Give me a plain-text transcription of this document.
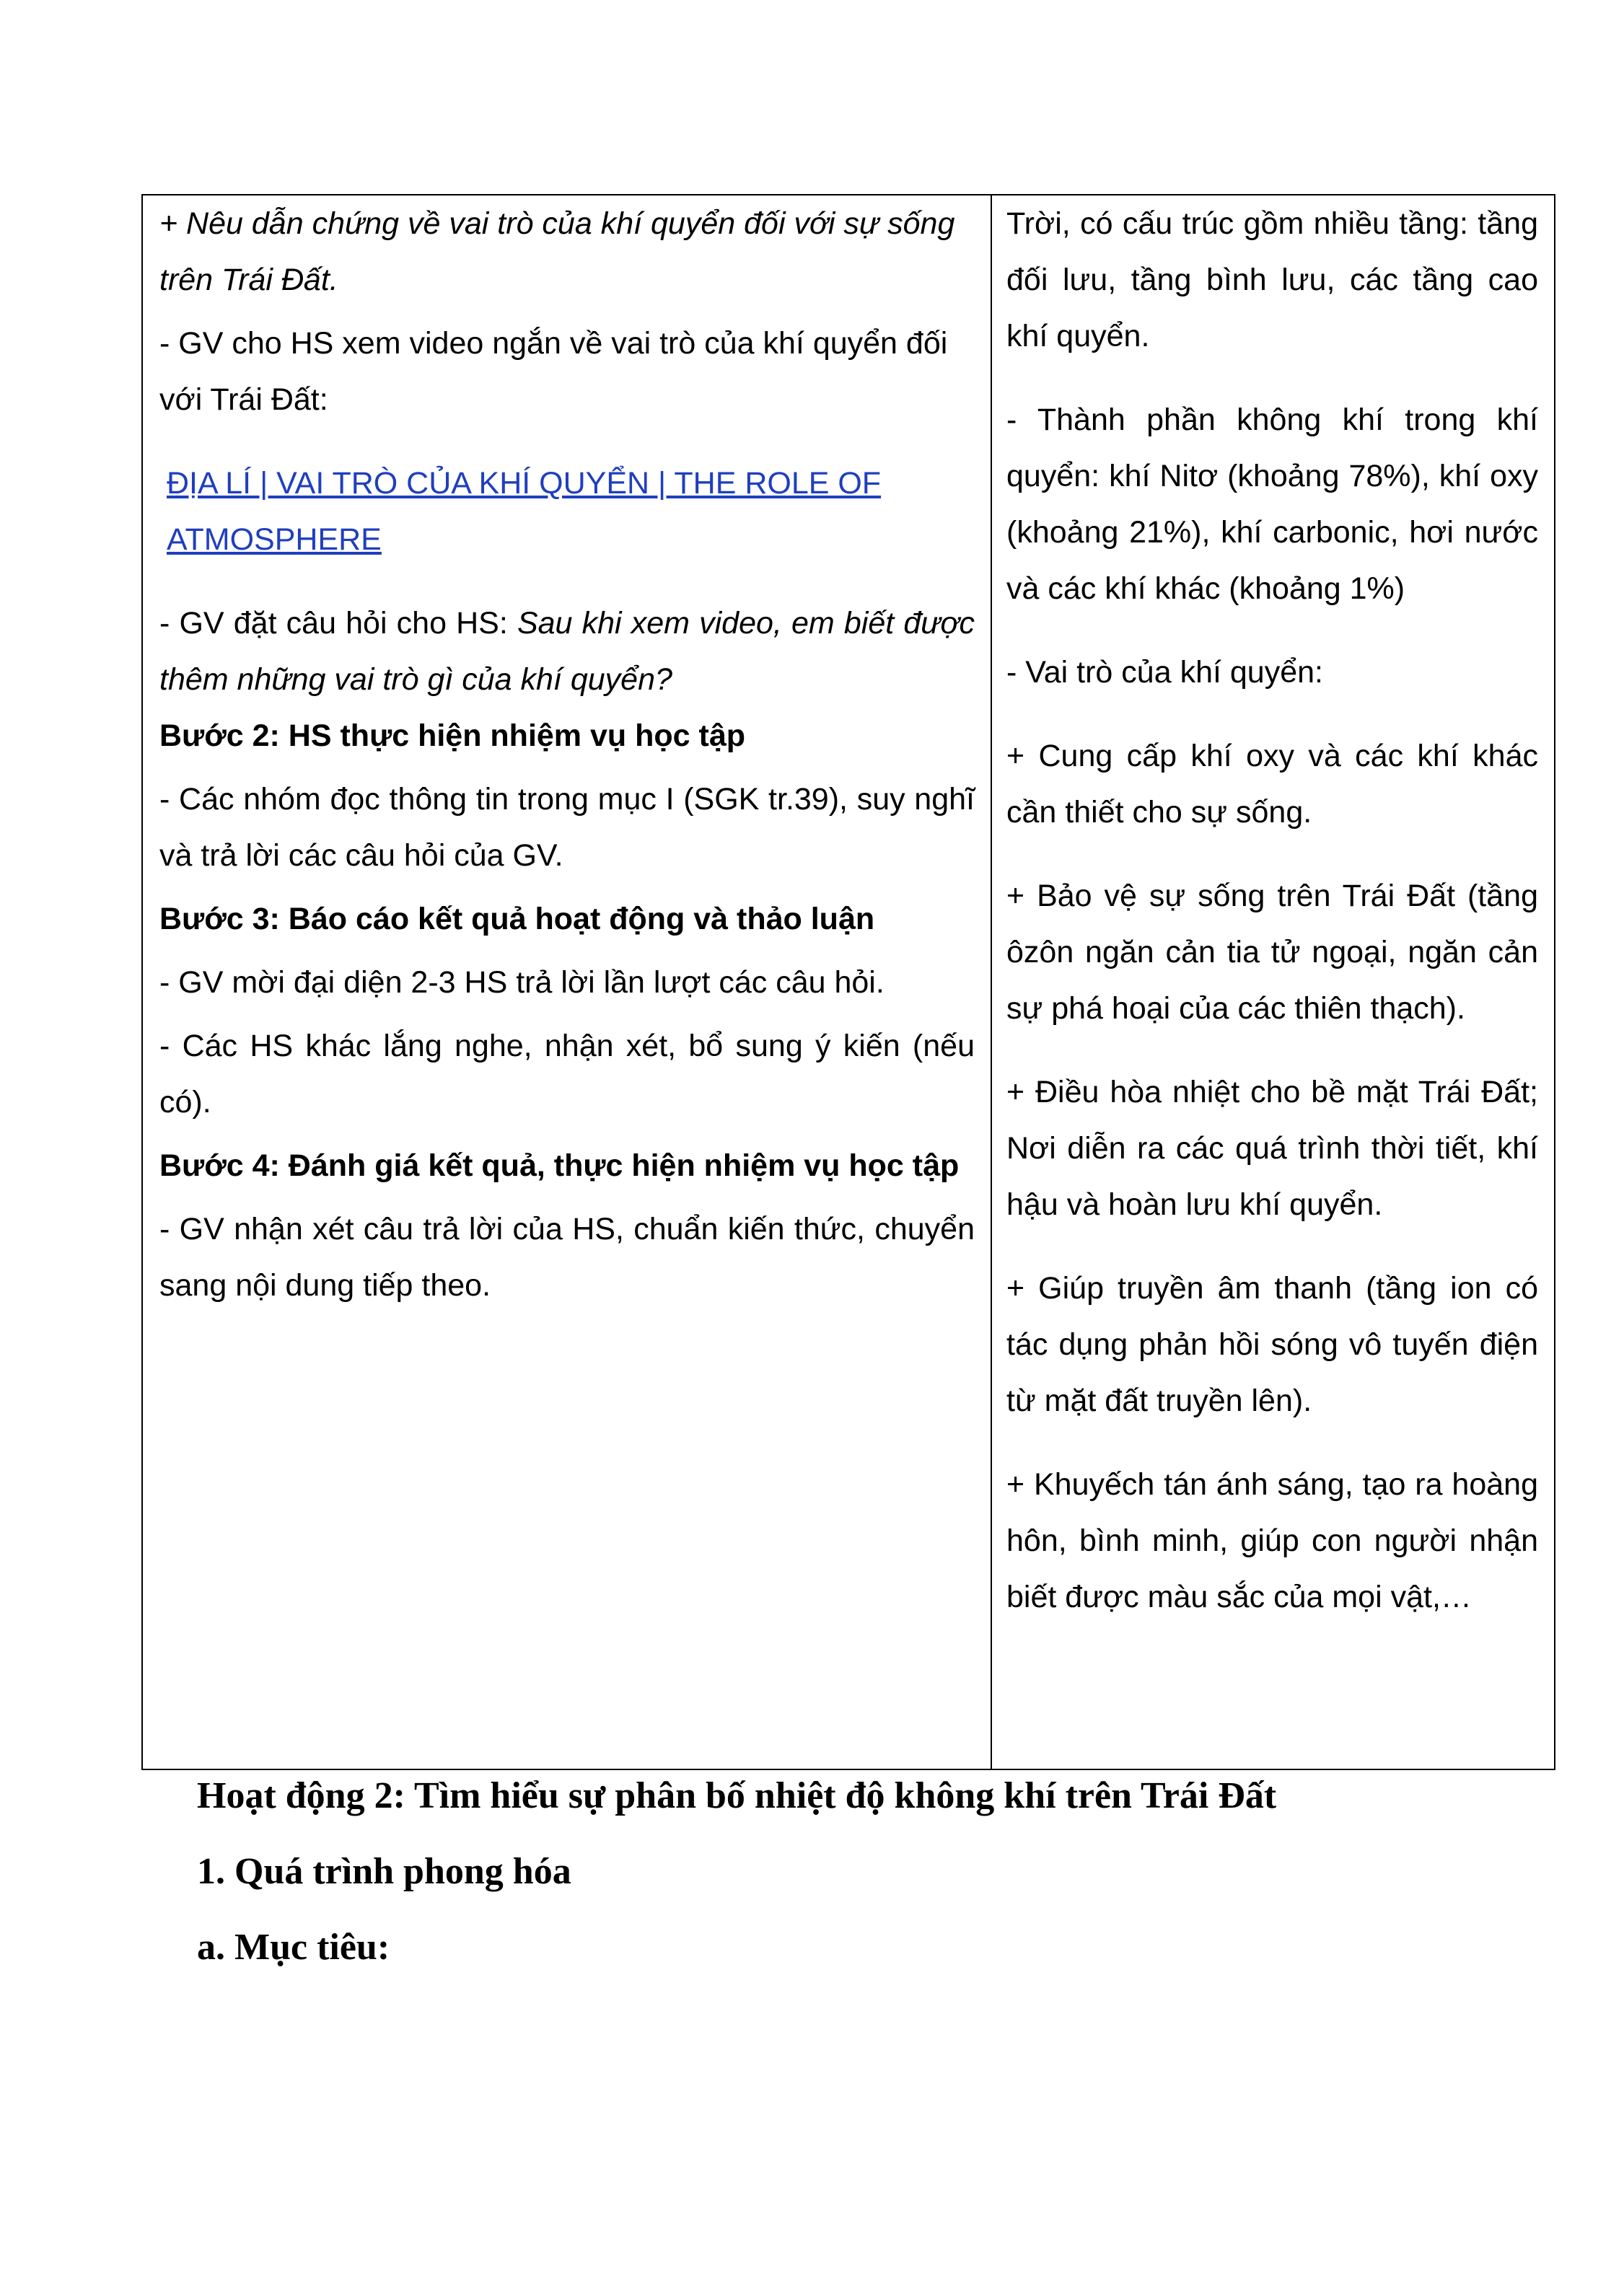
+ Nêu dẫn chứng về vai trò của khí quyển đối với sự sống trên Trái Đất.

- GV cho HS xem video ngắn về vai trò của khí quyển đối với Trái Đất:

ĐỊA LÍ | VAI TRÒ CỦA KHÍ QUYỂN | THE ROLE OF ATMOSPHERE

- GV đặt câu hỏi cho HS: Sau khi xem video, em biết được thêm những vai trò gì của khí quyển?

Bước 2: HS thực hiện nhiệm vụ học tập

- Các nhóm đọc thông tin trong mục I (SGK tr.39), suy nghĩ và trả lời các câu hỏi của GV.

Bước 3: Báo cáo kết quả hoạt động và thảo luận

- GV mời đại diện 2-3 HS trả lời lần lượt các câu hỏi.

- Các HS khác lắng nghe, nhận xét, bổ sung ý kiến (nếu có).

Bước 4: Đánh giá kết quả, thực hiện nhiệm vụ học tập

- GV nhận xét câu trả lời của HS, chuẩn kiến thức, chuyển sang nội dung tiếp theo.

Trời, có cấu trúc gồm nhiều tầng: tầng đối lưu, tầng bình lưu, các tầng cao khí quyển.

- Thành phần không khí trong khí quyển: khí Nitơ (khoảng 78%), khí oxy (khoảng 21%), khí carbonic, hơi nước và các khí khác (khoảng 1%)

- Vai trò của khí quyển:

+ Cung cấp khí oxy và các khí khác cần thiết cho sự sống.

+ Bảo vệ sự sống trên Trái Đất (tầng ôzôn ngăn cản tia tử ngoại, ngăn cản sự phá hoại của các thiên thạch).

+ Điều hòa nhiệt cho bề mặt Trái Đất; Nơi diễn ra các quá trình thời tiết, khí hậu và hoàn lưu khí quyển.

+ Giúp truyền âm thanh (tầng ion có tác dụng phản hồi sóng vô tuyến điện từ mặt đất truyền lên).

+ Khuyếch tán ánh sáng, tạo ra hoàng hôn, bình minh, giúp con người nhận biết được màu sắc của mọi vật,…

Hoạt động 2: Tìm hiểu sự phân bố nhiệt độ không khí trên Trái Đất

1. Quá trình phong hóa

a. Mục tiêu:
